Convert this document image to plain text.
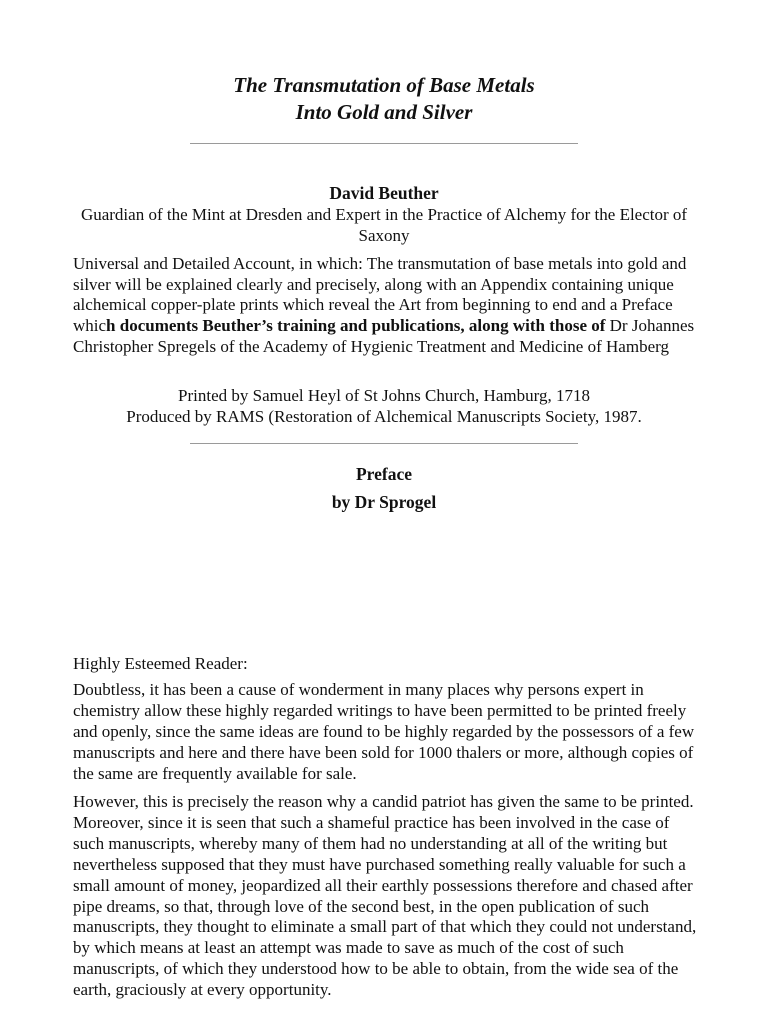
The Transmutation of Base Metals
Into Gold and Silver
David Beuther
Guardian of the Mint at Dresden and Expert in the Practice of Alchemy for the Elector of Saxony

Universal and Detailed Account, in which: The transmutation of base metals into gold and silver will be explained clearly and precisely, along with an Appendix containing unique alchemical copper-plate prints which reveal the Art from beginning to end and a Preface which documents Beuther’s training and publications, along with those of Dr Johannes Christopher Spregels of the Academy of Hygienic Treatment and Medicine of Hamberg

Printed by Samuel Heyl of St Johns Church, Hamburg, 1718
Produced by RAMS (Restoration of Alchemical Manuscripts Society, 1987.
Preface
by Dr Sprogel

Highly Esteemed Reader:

Doubtless, it has been a cause of wonderment in many places why persons expert in chemistry allow these highly regarded writings to have been permitted to be printed freely and openly, since the same ideas are found to be highly regarded by the possessors of a few manuscripts and here and there have been sold for 1000 thalers or more, although copies of the same are frequently available for sale.

However, this is precisely the reason why a candid patriot has given the same to be printed. Moreover, since it is seen that such a shameful practice has been involved in the case of such manuscripts, whereby many of them had no understanding at all of the writing but nevertheless supposed that they must have purchased something really valuable for such a small amount of money, jeopardized all their earthly possessions therefore and chased after pipe dreams, so that, through love of the second best, in the open publication of such manuscripts, they thought to eliminate a small part of that which they could not understand, by which means at least an attempt was made to save as much of the cost of such manuscripts, of which they understood how to be able to obtain, from the wide sea of the earth, graciously at every opportunity.
